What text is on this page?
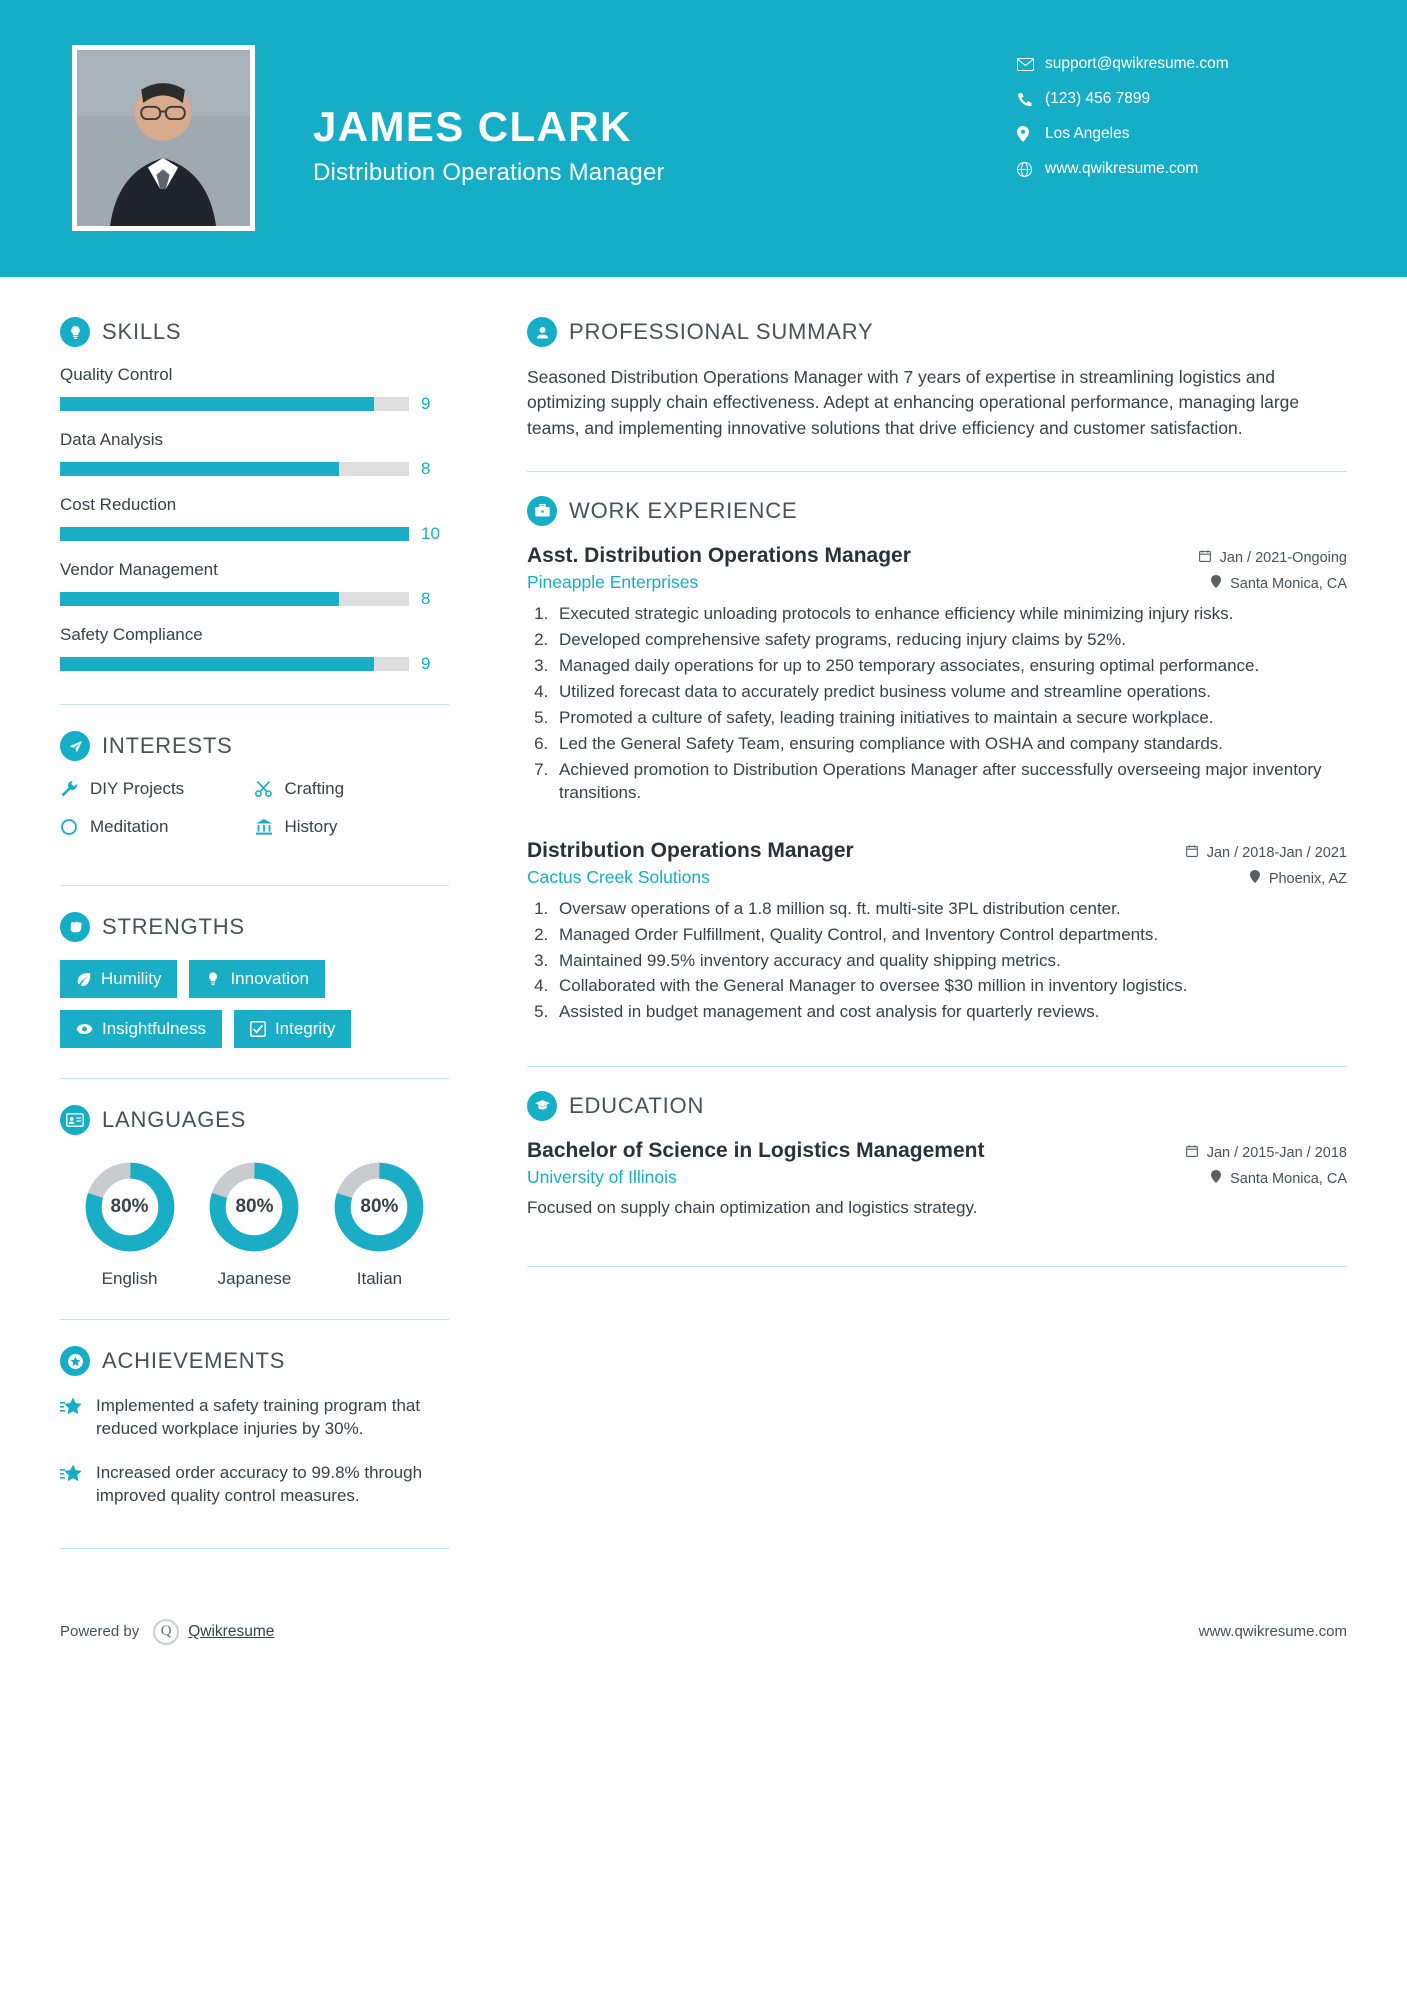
JAMES CLARK
Distribution Operations Manager
support@qwikresume.com
(123) 456 7899
Los Angeles
www.qwikresume.com
SKILLS
Quality Control
9
Data Analysis
8
Cost Reduction
10
Vendor Management
8
Safety Compliance
9
INTERESTS
DIY Projects	Crafting
Meditation	History
STRENGTHS
Humility	Innovation
Insightfulness	Integrity
LANGUAGES
80%
English
80%
Japanese
80%
Italian
ACHIEVEMENTS
Implemented a safety training program that reduced workplace injuries by 30%.
Increased order accuracy to 99.8% through improved quality control measures.
PROFESSIONAL SUMMARY
Seasoned Distribution Operations Manager with 7 years of expertise in streamlining logistics and optimizing supply chain effectiveness. Adept at enhancing operational performance, managing large teams, and implementing innovative solutions that drive efficiency and customer satisfaction.
WORK EXPERIENCE
Asst. Distribution Operations Manager	Jan / 2021-Ongoing
Pineapple Enterprises	Santa Monica, CA
1. Executed strategic unloading protocols to enhance efficiency while minimizing injury risks.
2. Developed comprehensive safety programs, reducing injury claims by 52%.
3. Managed daily operations for up to 250 temporary associates, ensuring optimal performance.
4. Utilized forecast data to accurately predict business volume and streamline operations.
5. Promoted a culture of safety, leading training initiatives to maintain a secure workplace.
6. Led the General Safety Team, ensuring compliance with OSHA and company standards.
7. Achieved promotion to Distribution Operations Manager after successfully overseeing major inventory transitions.
Distribution Operations Manager	Jan / 2018-Jan / 2021
Cactus Creek Solutions	Phoenix, AZ
1. Oversaw operations of a 1.8 million sq. ft. multi-site 3PL distribution center.
2. Managed Order Fulfillment, Quality Control, and Inventory Control departments.
3. Maintained 99.5% inventory accuracy and quality shipping metrics.
4. Collaborated with the General Manager to oversee $30 million in inventory logistics.
5. Assisted in budget management and cost analysis for quarterly reviews.
EDUCATION
Bachelor of Science in Logistics Management	Jan / 2015-Jan / 2018
University of Illinois	Santa Monica, CA
Focused on supply chain optimization and logistics strategy.
Powered by	Q	Qwikresume	www.qwikresume.com
